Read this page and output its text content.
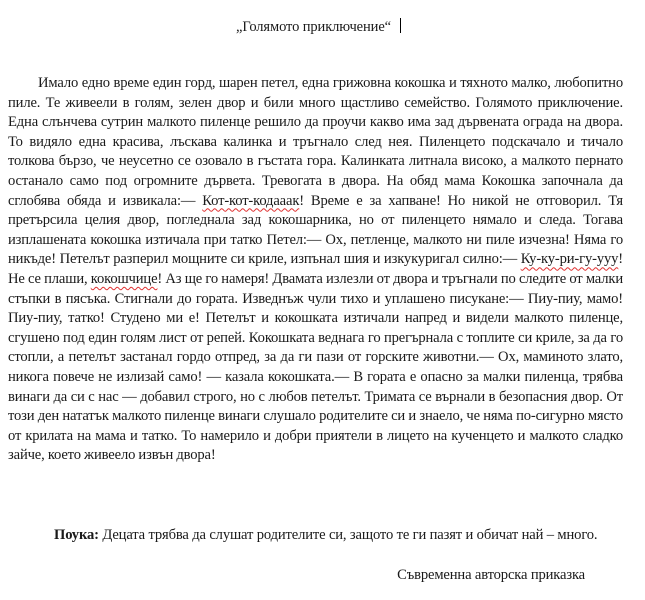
„Голямото приключение“

Имало едно време един горд, шарен петел, една грижовна кокошка и тяхното малко, любопитно пиле. Те живеели в голям, зелен двор и били много щастливо семейство. Голямото приключение. Една слънчева сутрин малкото пиленце решило да проучи какво има зад дървената ограда на двора. То видяло една красива, лъскава калинка и тръгнало след нея. Пиленцето подскачало и тичало толкова бързо, че неусетно се озовало в гъстата гора. Калинката литнала високо, а малкото пернато останало само под огромните дървета. Тревогата в двора. На обяд мама Кокошка започнала да сглобява обяда и извикала:— Кот-кот-кодааак! Време е за хапване! Но никой не отговорил. Тя претърсила целия двор, погледнала зад кокошарника, но от пиленцето нямало и следа. Тогава изплашената кокошка изтичала при татко Петел:— Ох, петленце, малкото ни пиле изчезна! Няма го никъде! Петелът разперил мощните си криле, изпънал шия и изкукуригал силно:— Ку-ку-ри-гу-ууу! Не се плаши, кокошчице! Аз ще го намеря! Двамата излезли от двора и тръгнали по следите от малки стъпки в пясъка. Стигнали до гората. Изведнъж чули тихо и уплашено писукане:— Пиу-пиу, мамо! Пиу-пиу, татко! Студено ми е! Петелът и кокошката изтичали напред и видели малкото пиленце, сгушено под един голям лист от репей. Кокошката веднага го прегърнала с топлите си криле, за да го стопли, а петелът застанал гордо отпред, за да ги пази от горските животни.— Ох, маминото злато, никога повече не излизай само! — казала кокошката.— В гората е опасно за малки пиленца, трябва винаги да си с нас — добавил строго, но с любов петелът. Тримата се върнали в безопасния двор. От този ден нататък малкото пиленце винаги слушало родителите си и знаело, че няма по-сигурно място от крилата на мама и татко. То намерило и добри приятели в лицето на кученцето и малкото сладко зайче, което живеело извън двора!

Поука: Децата трябва да слушат родителите си, защото те ги пазят и обичат най – много.

Съвременна авторска приказка
